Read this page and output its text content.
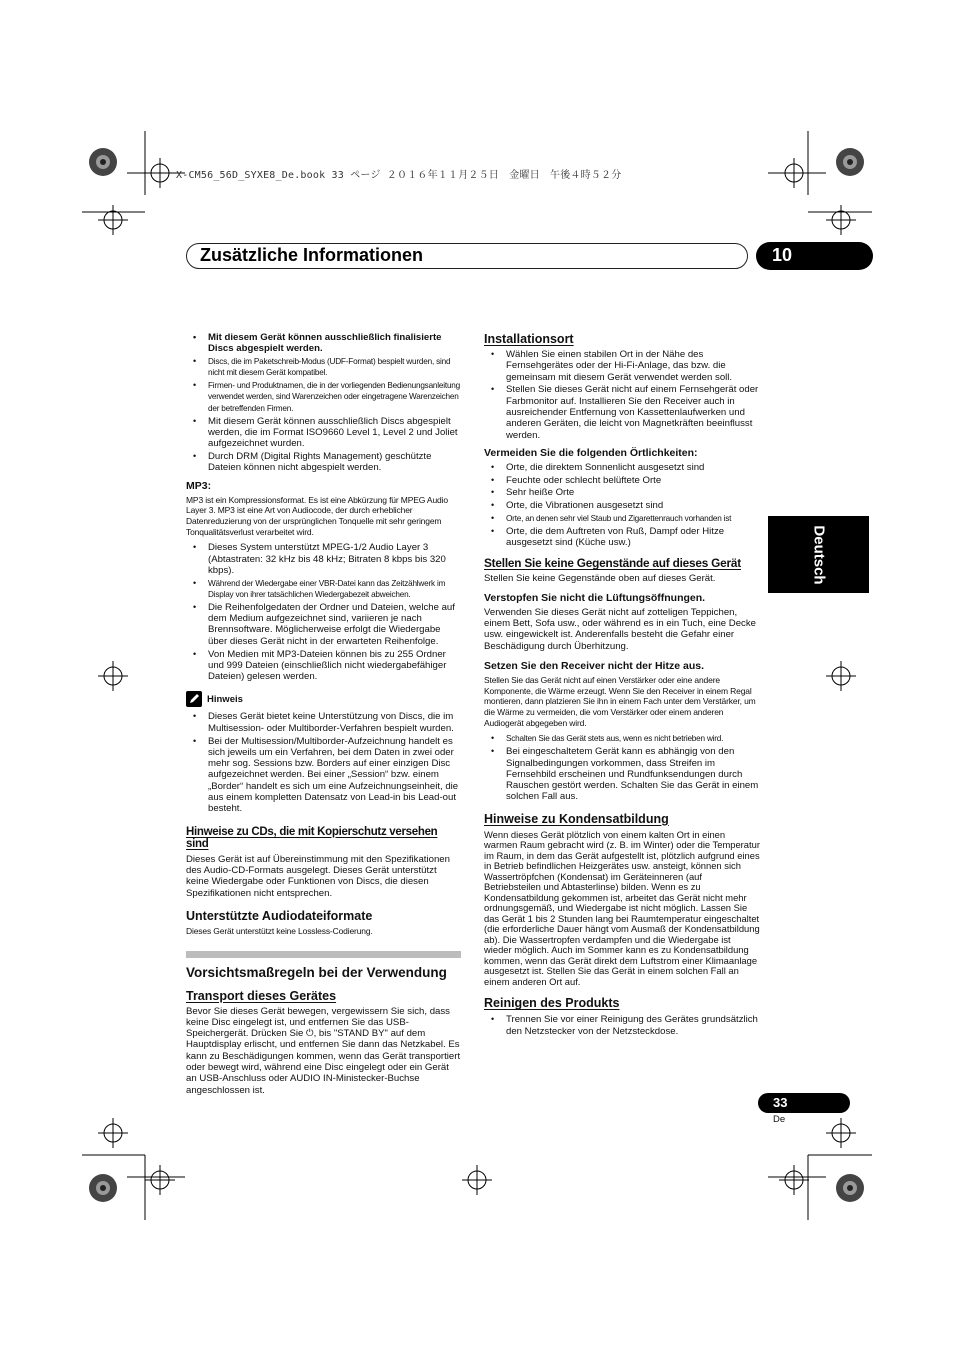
X-CM56_56D_SYXE8_De.book 33 ページ ２０１６年１１月２５日　金曜日　午後４時５２分
Zusätzliche Informationen	10
Deutsch
• Mit diesem Gerät können ausschließlich finalisierte Discs abgespielt werden.
• Discs, die im Paketschreib-Modus (UDF-Format) bespielt wurden, sind nicht mit diesem Gerät kompatibel.
• Firmen- und Produktnamen, die in der vorliegenden Bedienungsanleitung verwendet werden, sind Warenzeichen oder eingetragene Warenzeichen der betreffenden Firmen.
• Mit diesem Gerät können ausschließlich Discs abgespielt werden, die im Format ISO9660 Level 1, Level 2 und Joliet aufgezeichnet wurden.
• Durch DRM (Digital Rights Management) geschützte Dateien können nicht abgespielt werden.
MP3:

MP3 ist ein Kompressionsformat. Es ist eine Abkürzung für MPEG Audio Layer 3. MP3 ist eine Art von Audiocode, der durch erheblicher Datenreduzierung von der ursprünglichen Tonquelle mit sehr geringem Tonqualitätsverlust verarbeitet wird.

• Dieses System unterstützt MPEG-1/2 Audio Layer 3 (Abtastraten: 32 kHz bis 48 kHz; Bitraten 8 kbps bis 320 kbps).
• Während der Wiedergabe einer VBR-Datei kann das Zeitzählwerk im Display von ihrer tatsächlichen Wiedergabezeit abweichen.
• Die Reihenfolgedaten der Ordner und Dateien, welche auf dem Medium aufgezeichnet sind, variieren je nach Brennsoftware. Möglicherweise erfolgt die Wiedergabe über dieses Gerät nicht in der erwarteten Reihenfolge.
• Von Medien mit MP3-Dateien können bis zu 255 Ordner und 999 Dateien (einschließlich nicht wiedergabefähiger Dateien) gelesen werden.
Hinweis
• Dieses Gerät bietet keine Unterstützung von Discs, die im Multisession- oder Multiborder-Verfahren bespielt wurden.
• Bei der Multisession/Multiborder-Aufzeichnung handelt es sich jeweils um ein Verfahren, bei dem Daten in zwei oder mehr sog. Sessions bzw. Borders auf einer einzigen Disc aufgezeichnet werden. Bei einer „Session“ bzw. einem „Border“ handelt es sich um eine Aufzeichnungseinheit, die aus einem kompletten Datensatz von Lead-in bis Lead-out besteht.
Hinweise zu CDs, die mit Kopierschutz versehen sind

Dieses Gerät ist auf Übereinstimmung mit den Spezifikationen des Audio-CD-Formats ausgelegt. Dieses Gerät unterstützt keine Wiedergabe oder Funktionen von Discs, die diesen Spezifikationen nicht entsprechen.

Unterstützte Audiodateiformate

Dieses Gerät unterstützt keine Lossless-Codierung.

Vorsichtsmaßregeln bei der Verwendung
Transport dieses Gerätes

Bevor Sie dieses Gerät bewegen, vergewissern Sie sich, dass keine Disc eingelegt ist, und entfernen Sie das USB-Speichergerät. Drücken Sie ⏻, bis "STAND BY" auf dem Hauptdisplay erlischt, und entfernen Sie dann das Netzkabel. Es kann zu Beschädigungen kommen, wenn das Gerät transportiert oder bewegt wird, während eine Disc eingelegt oder ein Gerät an USB-Anschluss oder AUDIO IN-Ministecker-Buchse angeschlossen ist.

Installationsort
• Wählen Sie einen stabilen Ort in der Nähe des Fernsehgerätes oder der Hi-Fi-Anlage, das bzw. die gemeinsam mit diesem Gerät verwendet werden soll.
• Stellen Sie dieses Gerät nicht auf einem Fernsehgerät oder Farbmonitor auf. Installieren Sie den Receiver auch in ausreichender Entfernung von Kassettenlaufwerken und anderen Geräten, die leicht von Magnetkräften beeinflusst werden.
Vermeiden Sie die folgenden Örtlichkeiten:
• Orte, die direktem Sonnenlicht ausgesetzt sind
• Feuchte oder schlecht belüftete Orte
• Sehr heiße Orte
• Orte, die Vibrationen ausgesetzt sind
• Orte, an denen sehr viel Staub und Zigarettenrauch vorhanden ist
• Orte, die dem Auftreten von Ruß, Dampf oder Hitze ausgesetzt sind (Küche usw.)
Stellen Sie keine Gegenstände auf dieses Gerät

Stellen Sie keine Gegenstände oben auf dieses Gerät.

Verstopfen Sie nicht die Lüftungsöffnungen.

Verwenden Sie dieses Gerät nicht auf zotteligen Teppichen, einem Bett, Sofa usw., oder während es in ein Tuch, eine Decke usw. eingewickelt ist. Anderenfalls besteht die Gefahr einer Beschädigung durch Überhitzung.

Setzen Sie den Receiver nicht der Hitze aus.

Stellen Sie das Gerät nicht auf einen Verstärker oder eine andere Komponente, die Wärme erzeugt. Wenn Sie den Receiver in einem Regal montieren, dann platzieren Sie ihn in einem Fach unter dem Verstärker, um die Wärme zu vermeiden, die vom Verstärker oder einem anderen Audiogerät abgegeben wird.

• Schalten Sie das Gerät stets aus, wenn es nicht betrieben wird.
• Bei eingeschaltetem Gerät kann es abhängig von den Signalbedingungen vorkommen, dass Streifen im Fernsehbild erscheinen und Rundfunksendungen durch Rauschen gestört werden. Schalten Sie das Gerät in einem solchen Fall aus.
Hinweise zu Kondensatbildung

Wenn dieses Gerät plötzlich von einem kalten Ort in einen warmen Raum gebracht wird (z. B. im Winter) oder die Temperatur im Raum, in dem das Gerät aufgestellt ist, plötzlich aufgrund eines in Betrieb befindlichen Heizgerätes usw. ansteigt, können sich Wassertröpfchen (Kondensat) im Geräteinneren (auf Betriebsteilen und Abtasterlinse) bilden. Wenn es zu Kondensatbildung gekommen ist, arbeitet das Gerät nicht mehr ordnungsgemäß, und Wiedergabe ist nicht möglich. Lassen Sie das Gerät 1 bis 2 Stunden lang bei Raumtemperatur eingeschaltet (die erforderliche Dauer hängt vom Ausmaß der Kondensatbildung ab). Die Wassertropfen verdampfen und die Wiedergabe ist wieder möglich. Auch im Sommer kann es zu Kondensatbildung kommen, wenn das Gerät direkt dem Luftstrom einer Klimaanlage ausgesetzt ist. Stellen Sie das Gerät in einem solchen Fall an einem anderen Ort auf.

Reinigen des Produkts
• Trennen Sie vor einer Reinigung des Gerätes grundsätzlich den Netzstecker von der Netzsteckdose.
33
De
